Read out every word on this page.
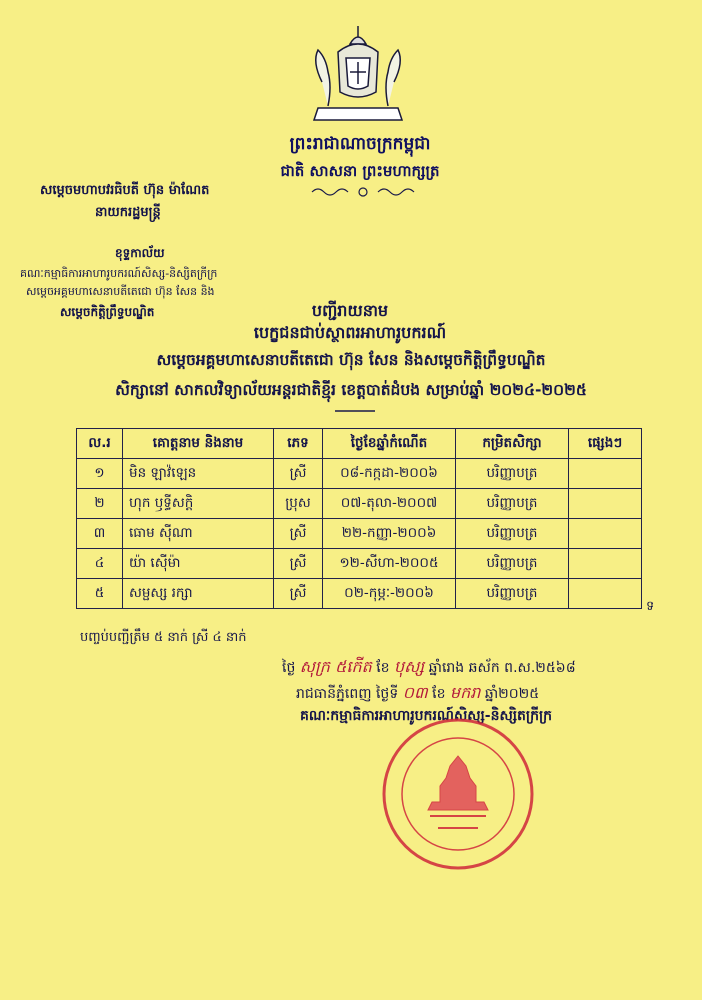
ព្រះរាជាណាចក្រកម្ពុជា
ជាតិ សាសនា ព្រះមហាក្សត្រ
សម្តេចមហាបវរធិបតី ហ៊ុន ម៉ាណែត
នាយករដ្ឋមន្ត្រី
ខុទ្ទកាល័យ
គណៈកម្មាធិការអាហារូបករណ៍សិស្ស-និស្សិតក្រីក្រ
សម្តេចអគ្គមហាសេនាបតីតេជោ ហ៊ុន សែន និង
សម្តេចកិត្តិព្រឹទ្ធបណ្ឌិត	បញ្ជីរាយនាម
បេក្ខជនជាប់ស្ថាពរអាហារូបករណ៍
សម្តេចអគ្គមហាសេនាបតីតេជោ ហ៊ុន សែន និងសម្តេចកិត្តិព្រឹទ្ធបណ្ឌិត
សិក្សានៅ សាកលវិទ្យាល័យអន្តរជាតិខ្មុីរ ខេត្តបាត់ដំបង សម្រាប់ឆ្នាំ ២០២៤-២០២៥
ល.រ	គោត្តនាម និងនាម	ភេទ	ថ្ងៃខែឆ្នាំកំណើត	កម្រិតសិក្សា	ផ្សេងៗ
១	មិន ឡាវ៉ឡេន	ស្រី	០៨-កក្កដា-២០០៦	បរិញ្ញាបត្រ	
២	ហុក ឫទ្ធីសក្តិ	ប្រុស	០៧-តុលា-២០០៧	បរិញ្ញាបត្រ	
៣	ធោម ស៊ីណា	ស្រី	២២-កញ្ញា-២០០៦	បរិញ្ញាបត្រ	
៤	យ៉ា ស៊ើម៉ា	ស្រី	១២-សីហា-២០០៥	បរិញ្ញាបត្រ	
៥	សម្ផស្ស រក្សា	ស្រី	០២-កុម្ភៈ-២០០៦	បរិញ្ញាបត្រ	
ទ
បញ្ចប់បញ្ជីត្រឹម ៥ នាក់ ស្រី ៤ នាក់
ថ្ងៃ សុក្រ ៥កើត ខែ បុស្ស ឆ្នាំរោង ឆស័ក ព.ស.២៥៦៨
រាជធានីភ្នំពេញ ថ្ងៃទី ០៣ ខែ មករា ឆ្នាំ២០២៥
គណៈកម្មាធិការអាហារូបករណ៍សិស្ស-និស្សិតក្រីក្រ
